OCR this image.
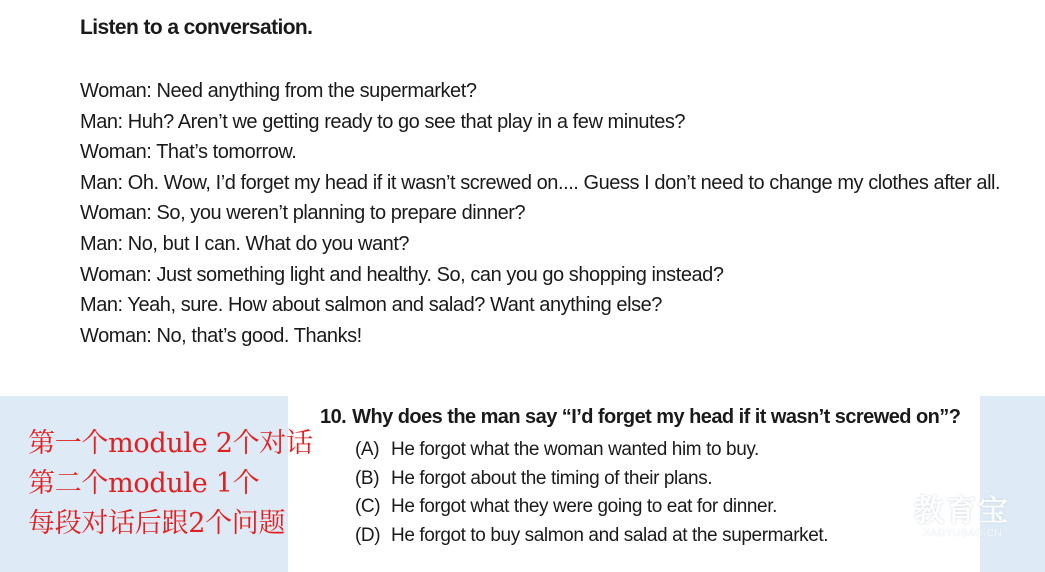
Listen to a conversation.
Woman: Need anything from the supermarket?
Man: Huh? Aren’t we getting ready to go see that play in a few minutes?
Woman: That’s tomorrow.
Man: Oh. Wow, I’d forget my head if it wasn’t screwed on.... Guess I don’t need to change my clothes after all.
Woman: So, you weren’t planning to prepare dinner?
Man: No, but I can. What do you want?
Woman: Just something light and healthy. So, can you go shopping instead?
Man: Yeah, sure. How about salmon and salad? Want anything else?
Woman: No, that’s good. Thanks!
10. Why does the man say “I’d forget my head if it wasn’t screwed on”?
(A) He forgot what the woman wanted him to buy.
(B) He forgot about the timing of their plans.
(C) He forgot what they were going to eat for dinner.
(D) He forgot to buy salmon and salad at the supermarket.
第一个module 2个对话
第二个module 1个
每段对话后跟2个问题	教育宝
JIAOYUBAO.CN
